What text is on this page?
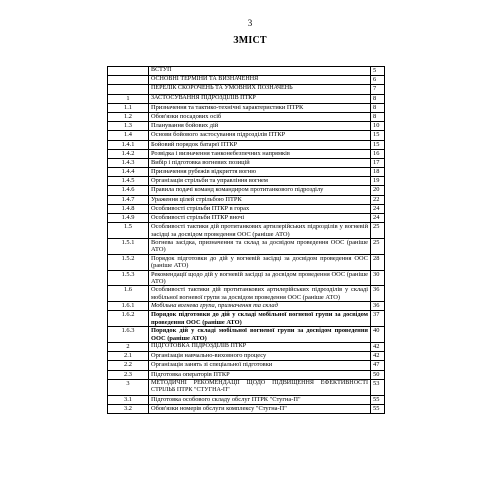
3
ЗМІСТ
	ВСТУП	5
	ОСНОВНІ ТЕРМІНИ ТА ВИЗНАЧЕННЯ	6
	ПЕРЕЛІК СКОРОЧЕНЬ ТА УМОВНИХ ПОЗНАЧЕНЬ	7
1	ЗАСТОСУВАННЯ ПІДРОЗДІЛІВ ПТКР	8
1.1	Призначення та тактико-технічні характеристики ПТРК	8
1.2	Обов'язки посадових осіб	8
1.3	Планування бойових дій	10
1.4	Основи бойового застосування підрозділів ПТКР	15
1.4.1	Бойовий порядок батареї ПТКР	15
1.4.2	Розвідка і визначення танконебезпечних напрямків	16
1.4.3	Вибір і підготовка вогневих позицій	17
1.4.4	Призначення рубежів відкриття вогню	18
1.4.5	Організація стрільби та управління вогнем	19
1.4.6	Правила подачі команд командиром протитанкового підрозділу	20
1.4.7	Ураження цілей стрільбою ПТРК	22
1.4.8	Особливості стрільби ПТКР в горах	24
1.4.9	Особливості стрільби ПТКР вночі	24
1.5	Особливості тактики дій протитанкових артилерійських підрозділів у вогневій засідці за досвідом проведення ООС (раніше АТО)	25
1.5.1	Вогнева засідка, призначення та склад за досвідом проведення ООС (раніше АТО)	25
1.5.2	Порядок підготовки до дій у вогневій засідці за досвідом проведення ООС (раніше АТО)	28
1.5.3	Рекомендації щодо дій у вогневій засідці за досвідом проведення ООС (раніше АТО)	30
1.6	Особливості тактики дій протитанкових артилерійських підрозділів у складі мобільної вогневої групи за досвідом проведення ООС (раніше АТО)	36
1.6.1	Мобільна вогнева група, призначення та склад	36
1.6.2	Порядок підготовки до дій у складі мобільної вогневої групи за досвідом проведення ООС (раніше АТО)	37
1.6.3	Порядок дій у складі мобільної вогневої групи за досвідом проведення ООС (раніше АТО)	40
2	ПІДГОТОВКА ПІДРОЗДІЛІВ ПТКР	42
2.1	Організація навчально-виховного процесу	42
2.2	Організація занять зі спеціальної підготовки	47
2.3	Підготовка операторів ПТКР	50
3	МЕТОДИЧНІ РЕКОМЕНДАЦІЇ ЩОДО ПІДВИЩЕННЯ ЕФЕКТИВНОСТІ СТРІЛЬБ ПТРК "СТУГНА-П"	53
3.1	Підготовка особового складу обслуг ПТРК "Стугна-П"	55
3.2	Обов'язки номерів обслуги комплексу "Стугна-П"	55
